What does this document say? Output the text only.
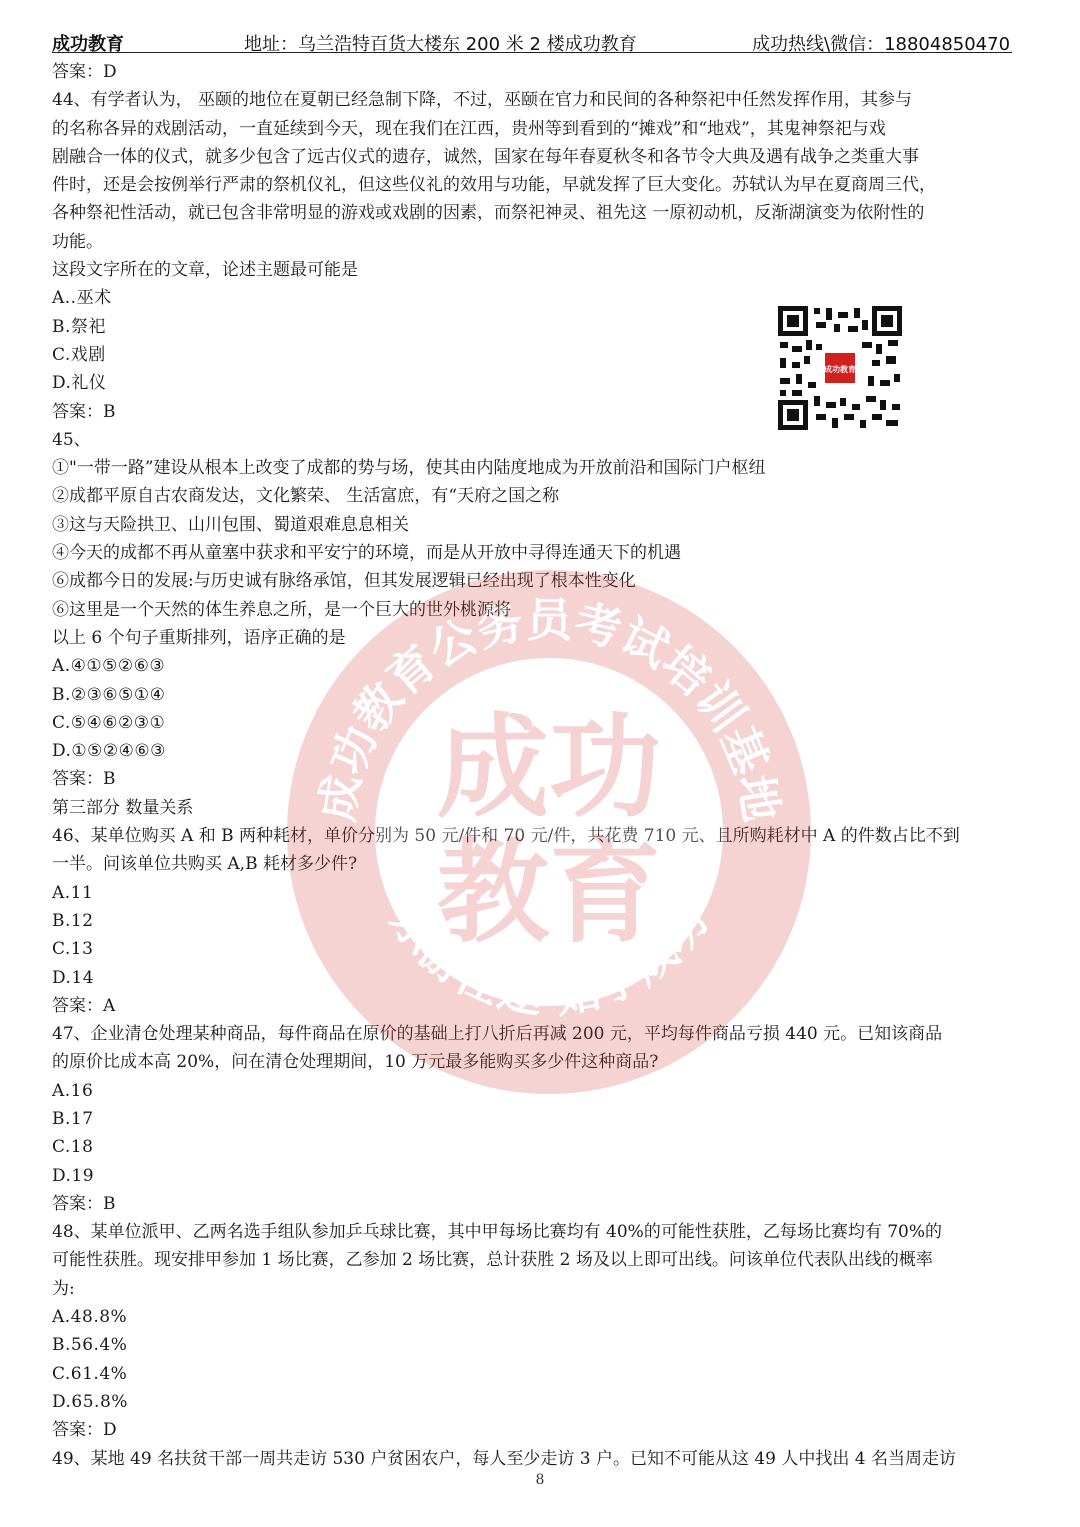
成功教育	地址：乌兰浩特百货大楼东 200 米 2 楼成功教育	成功热线\微信：18804850470
答案：D
44、有学者认为， 巫颐的地位在夏朝已经急制下降，不过，巫颐在官力和民间的各种祭祀中任然发挥作用，其参与
的名称各异的戏剧活动，一直延续到今天，现在我们在江西，贵州等到看到的“摊戏”和“地戏”，其鬼神祭祀与戏
剧融合一体的仪式，就多少包含了远古仪式的遗存，诚然，国家在每年春夏秋冬和各节令大典及遇有战争之类重大事
件时，还是会按例举行严肃的祭机仪礼，但这些仪礼的效用与功能，早就发挥了巨大变化。苏轼认为早在夏商周三代，
各种祭祀性活动，就已包含非常明显的游戏或戏剧的因素，而祭祀神灵、祖先这 一原初动机，反渐湖演变为依附性的
功能。
这段文字所在的文章，论述主题最可能是
A..巫术
B.祭祀
C.戏剧
D.礼仪
答案：B
45、
①"一带一路”建设从根本上改变了成都的势与场，使其由内陆度地成为开放前沿和国际门户枢纽
②成都平原自古农商发达，文化繁荣、 生活富庶，有“天府之国之称
③这与天险拱卫、山川包围、蜀道艰难息息相关
④今天的成都不再从童塞中获求和平安宁的环境，而是从开放中寻得连通天下的机遇
⑥成都今日的发展:与历史诚有脉络承馆，但其发展逻辑已经出现了根本性变化
⑥这里是一个天然的体生养息之所，是一个巨大的世外桃源将
以上 6 个句子重斯排列，语序正确的是
A.④①⑤②⑥③
B.②③⑥⑤①④
C.⑤④⑥②③①
D.①⑤②④⑥③
答案：B
第三部分 数量关系
46、某单位购买 A 和 B 两种耗材，单价分别为 50 元/件和 70 元/件，共花费 710 元、且所购耗材中 A 的件数占比不到
一半。问该单位共购买 A,B 耗材多少件?
A.11
B.12
C.13
D.14
答案：A
47、企业清仓处理某种商品，每件商品在原价的基础上打八折后再减 200 元，平均每件商品亏损 440 元。已知该商品
的原价比成本高 20%，问在清仓处理期间，10 万元最多能购买多少件这种商品?
A.16
B.17
C.18
D.19
答案：B
48、某单位派甲、乙两名选手组队参加乒乓球比赛，其中甲每场比赛均有 40%的可能性获胜，乙每场比赛均有 70%的
可能性获胜。现安排甲参加 1 场比赛，乙参加 2 场比赛，总计获胜 2 场及以上即可出线。问该单位代表队出线的概率
为:
A.48.8%
B.56.4%
C.61.4%
D.65.8%
答案：D
49、某地 49 名扶贫干部一周共走访 530 户贫困农户，每人至少走访 3 户。已知不可能从这 49 人中找出 4 名当周走访
成功教育
成功教育公务员考试培训基地
乐游仕途·始于成功
成功教育
8
